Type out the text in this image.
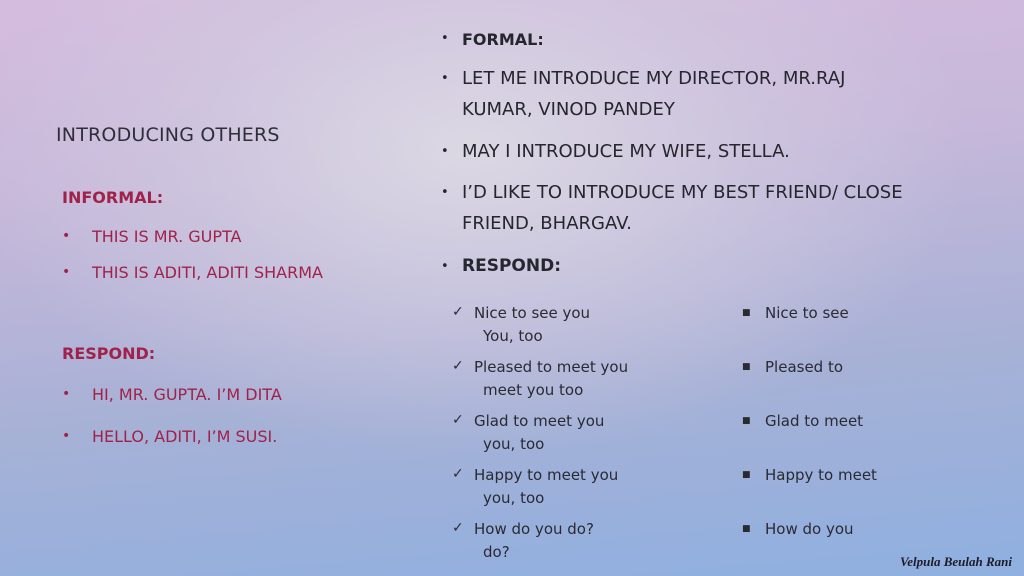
INTRODUCING OTHERS
INFORMAL:
• THIS IS MR. GUPTA
• THIS IS ADITI, ADITI SHARMA
RESPOND:
• HI, MR. GUPTA. I’M DITA
• HELLO, ADITI, I’M SUSI.
• FORMAL:
• LET ME INTRODUCE MY DIRECTOR, MR.RAJ
KUMAR, VINOD PANDEY
• MAY I INTRODUCE MY WIFE, STELLA.
• I’D LIKE TO INTRODUCE MY BEST FRIEND/ CLOSE
FRIEND, BHARGAV.
• RESPOND:
✓ Nice to see you
You, too
✓ Pleased to meet you
meet you too
✓ Glad to meet you
you, too
✓ Happy to meet you
you, too
✓ How do you do?
do?
■ Nice to see
■ Pleased to
■ Glad to meet
■ Happy to meet
■ How do you
Velpula Beulah Rani
